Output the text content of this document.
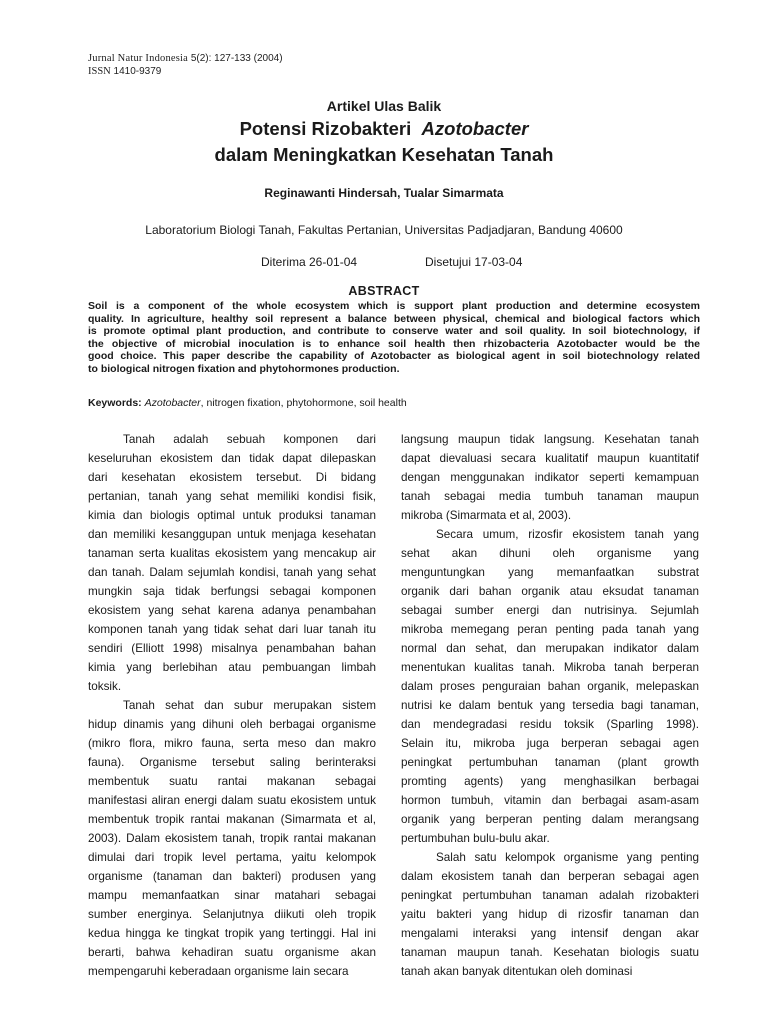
Jurnal Natur Indonesia 5(2): 127-133 (2004)
ISSN 1410-9379
Artikel Ulas Balik
Potensi Rizobakteri Azotobacter
dalam Meningkatkan Kesehatan Tanah
Reginawanti Hindersah, Tualar Simarmata
Laboratorium Biologi Tanah, Fakultas Pertanian, Universitas Padjadjaran, Bandung 40600
Diterima 26-01-04	Disetujui 17-03-04
ABSTRACT
Soil is a component of the whole ecosystem which is support plant production and determine ecosystem
quality. In agriculture, healthy soil represent a balance between physical, chemical and biological factors which
is promote optimal plant production, and contribute to conserve water and soil quality. In soil biotechnology, if
the objective of microbial inoculation is to enhance soil health then rhizobacteria Azotobacter would be the
good choice. This paper describe the capability of Azotobacter as biological agent in soil biotechnology related
to biological nitrogen fixation and phytohormones production.
Keywords: Azotobacter, nitrogen fixation, phytohormone, soil health
Tanah adalah sebuah komponen dari
keseluruhan ekosistem dan tidak dapat dilepaskan
dari kesehatan ekosistem tersebut. Di bidang
pertanian, tanah yang sehat memiliki kondisi fisik,
kimia dan biologis optimal untuk produksi tanaman
dan memiliki kesanggupan untuk menjaga kesehatan
tanaman serta kualitas ekosistem yang mencakup air
dan tanah. Dalam sejumlah kondisi, tanah yang sehat
mungkin saja tidak berfungsi sebagai komponen
ekosistem yang sehat karena adanya penambahan
komponen tanah yang tidak sehat dari luar tanah itu
sendiri (Elliott 1998) misalnya penambahan bahan
kimia yang berlebihan atau pembuangan limbah
toksik.
Tanah sehat dan subur merupakan sistem
hidup dinamis yang dihuni oleh berbagai organisme
(mikro flora, mikro fauna, serta meso dan makro
fauna). Organisme tersebut saling berinteraksi
membentuk suatu rantai makanan sebagai
manifestasi aliran energi dalam suatu ekosistem untuk
membentuk tropik rantai makanan (Simarmata et al,
2003). Dalam ekosistem tanah, tropik rantai makanan
dimulai dari tropik level pertama, yaitu kelompok
organisme (tanaman dan bakteri) produsen yang
mampu memanfaatkan sinar matahari sebagai
sumber energinya. Selanjutnya diikuti oleh tropik
kedua hingga ke tingkat tropik yang tertinggi. Hal ini
berarti, bahwa kehadiran suatu organisme akan
mempengaruhi keberadaan organisme lain secara
langsung maupun tidak langsung. Kesehatan tanah
dapat dievaluasi secara kualitatif maupun kuantitatif
dengan menggunakan indikator seperti kemampuan
tanah sebagai media tumbuh tanaman maupun
mikroba (Simarmata et al, 2003).
Secara umum, rizosfir ekosistem tanah yang
sehat akan dihuni oleh organisme yang
menguntungkan yang memanfaatkan substrat
organik dari bahan organik atau eksudat tanaman
sebagai sumber energi dan nutrisinya. Sejumlah
mikroba memegang peran penting pada tanah yang
normal dan sehat, dan merupakan indikator dalam
menentukan kualitas tanah. Mikroba tanah berperan
dalam proses penguraian bahan organik, melepaskan
nutrisi ke dalam bentuk yang tersedia bagi tanaman,
dan mendegradasi residu toksik (Sparling 1998).
Selain itu, mikroba juga berperan sebagai agen
peningkat pertumbuhan tanaman (plant growth
promting agents) yang menghasilkan berbagai
hormon tumbuh, vitamin dan berbagai asam-asam
organik yang berperan penting dalam merangsang
pertumbuhan bulu-bulu akar.
Salah satu kelompok organisme yang penting
dalam ekosistem tanah dan berperan sebagai agen
peningkat pertumbuhan tanaman adalah rizobakteri
yaitu bakteri yang hidup di rizosfir tanaman dan
mengalami interaksi yang intensif dengan akar
tanaman maupun tanah. Kesehatan biologis suatu
tanah akan banyak ditentukan oleh dominasi
